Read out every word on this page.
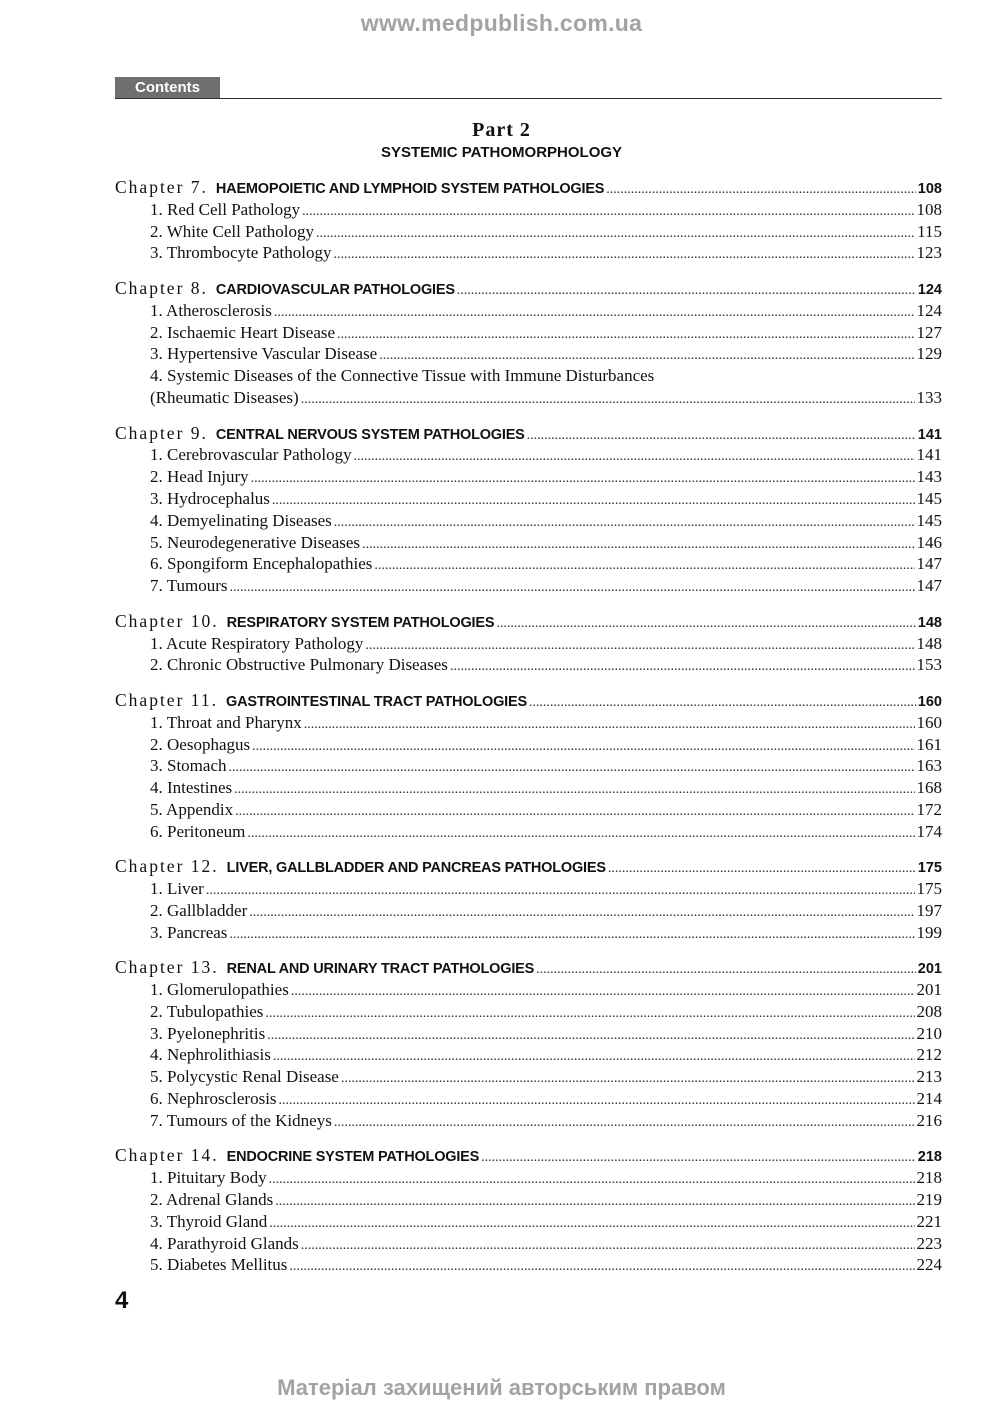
www.medpublish.com.ua
Contents
Part 2
SYSTEMIC PATHOMORPHOLOGY
Chapter 7. HAEMOPOIETIC AND LYMPHOID SYSTEM PATHOLOGIES .....	108
1. Red Cell Pathology .....	108
2. White Cell Pathology .....	115
3. Thrombocyte Pathology .....	123
Chapter 8. CARDIOVASCULAR PATHOLOGIES .....	124
1. Atherosclerosis .....	124
2. Ischaemic Heart Disease .....	127
3. Hypertensive Vascular Disease .....	129
4. Systemic Diseases of the Connective Tissue with Immune Disturbances
(Rheumatic Diseases) .....	133
Chapter 9. CENTRAL NERVOUS SYSTEM PATHOLOGIES .....	141
1. Cerebrovascular Pathology .....	141
2. Head Injury .....	143
3. Hydrocephalus .....	145
4. Demyelinating Diseases .....	145
5. Neurodegenerative Diseases .....	146
6. Spongiform Encephalopathies .....	147
7. Tumours .....	147
Chapter 10. RESPIRATORY SYSTEM PATHOLOGIES .....	148
1. Acute Respiratory Pathology .....	148
2. Chronic Obstructive Pulmonary Diseases .....	153
Chapter 11. GASTROINTESTINAL TRACT PATHOLOGIES .....	160
1. Throat and Pharynx .....	160
2. Oesophagus .....	161
3. Stomach .....	163
4. Intestines .....	168
5. Appendix .....	172
6. Peritoneum .....	174
Chapter 12. LIVER, GALLBLADDER AND PANCREAS PATHOLOGIES .....	175
1. Liver .....	175
2. Gallbladder .....	197
3. Pancreas .....	199
Chapter 13. RENAL AND URINARY TRACT PATHOLOGIES .....	201
1. Glomerulopathies .....	201
2. Tubulopathies .....	208
3. Pyelonephritis .....	210
4. Nephrolithiasis .....	212
5. Polycystic Renal Disease .....	213
6. Nephrosclerosis .....	214
7. Tumours of the Kidneys .....	216
Chapter 14. ENDOCRINE SYSTEM PATHOLOGIES .....	218
1. Pituitary Body .....	218
2. Adrenal Glands .....	219
3. Thyroid Gland .....	221
4. Parathyroid Glands .....	223
5. Diabetes Mellitus .....	224
4
Матеріал захищений авторським правом
